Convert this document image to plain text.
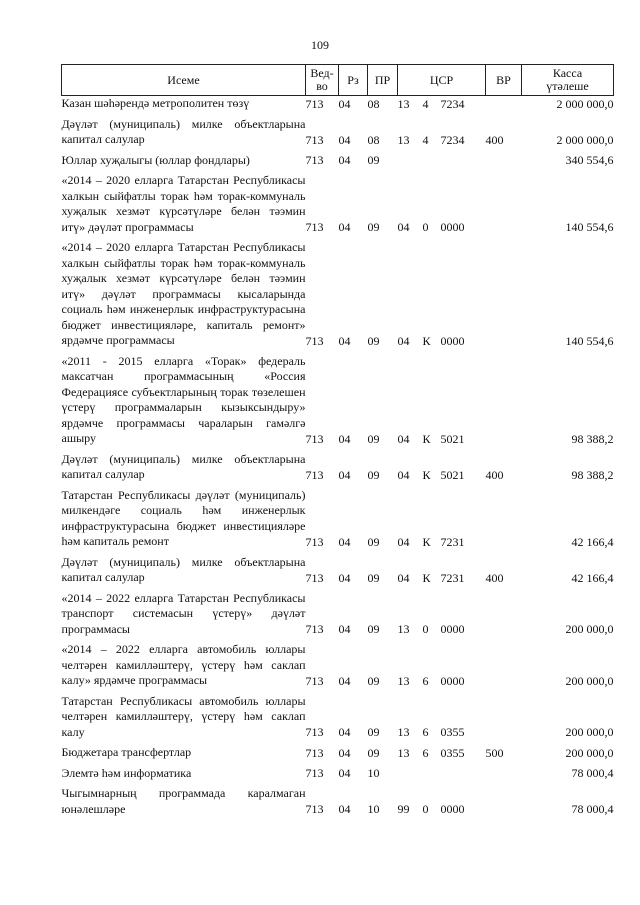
109
Исеме	Вед-
во	Рз	ПР	ЦСР			ВР	Касса
үтәлеше
Казан шәһәрендә метрополитен төзү	713	04	08	13	4	7234		2 000 000,0

Дәүләт (муниципаль) милке объектларына капитал салулар	713	04	08	13	4	7234	400	2 000 000,0

Юллар хуҗалыгы (юллар фондлары)	713	04	09					340 554,6

«2014 – 2020 елларга Татарстан Республикасы халкын сыйфатлы торак һәм торак-коммуналь хуҗалык хезмәт күрсәтүләре белән тәэмин итү» дәүләт программасы	713	04	09	04	0	0000		140 554,6

«2014 – 2020 елларга Татарстан Республикасы халкын сыйфатлы торак һәм торак-коммуналь хуҗалык хезмәт күрсәтүләре белән тәэмин итү» дәүләт программасы кысаларында социаль һәм инженерлык инфраструктурасына бюджет инвестицияләре, капиталь ремонт» ярдәмче программасы	713	04	09	04	К	0000		140 554,6

«2011 - 2015 елларга «Торак» федераль максатчан программасының «Россия Федерациясе субъектларының торак төзелешен үстерү программаларын кызыксындыру» ярдәмче программасы чараларын гамәлгә ашыру	713	04	09	04	К	5021		98 388,2

Дәүләт (муниципаль) милке объектларына капитал салулар	713	04	09	04	К	5021	400	98 388,2

Татарстан Республикасы дәүләт (муниципаль) милкендәге социаль һәм инженерлык инфраструктурасына бюджет инвестицияләре һәм капиталь ремонт	713	04	09	04	К	7231		42 166,4

Дәүләт (муниципаль) милке объектларына капитал салулар	713	04	09	04	К	7231	400	42 166,4

«2014 – 2022 елларга Татарстан Республикасы транспорт системасын үстерү» дәүләт программасы	713	04	09	13	0	0000		200 000,0

«2014 – 2022 елларга автомобиль юллары челтәрен камилләштерү, үстерү һәм саклап калу» ярдәмче программасы	713	04	09	13	6	0000		200 000,0

Татарстан Республикасы автомобиль юллары челтәрен камилләштерү, үстерү һәм саклап калу	713	04	09	13	6	0355		200 000,0

Бюджетара трансфертлар	713	04	09	13	6	0355	500	200 000,0

Элемтә һәм информатика	713	04	10					78 000,4

Чыгымнарның программада каралмаган юнәлешләре	713	04	10	99	0	0000		78 000,4
